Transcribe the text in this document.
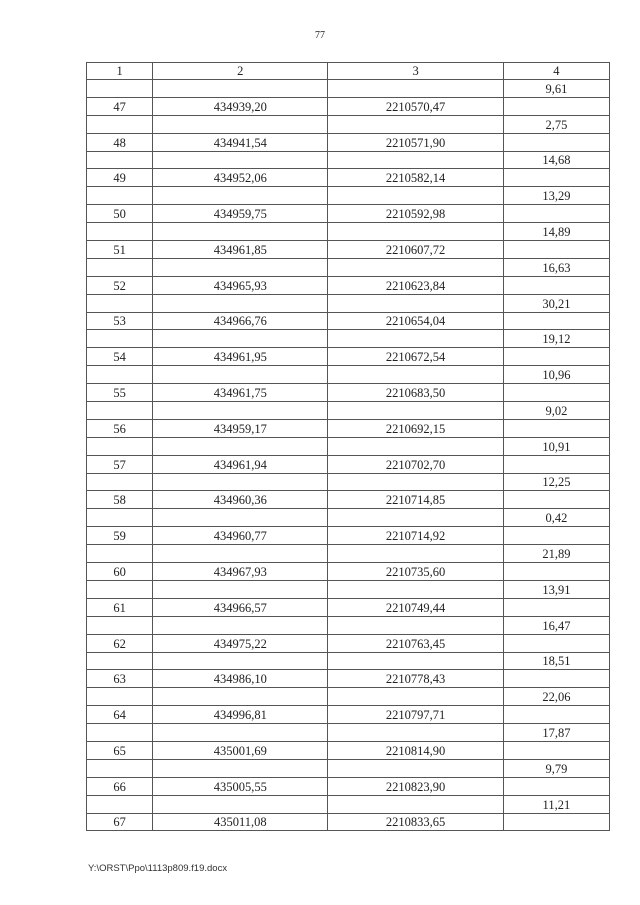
77
1	2	3	4
			9,61
47	434939,20	2210570,47	
			2,75
48	434941,54	2210571,90	
			14,68
49	434952,06	2210582,14	
			13,29
50	434959,75	2210592,98	
			14,89
51	434961,85	2210607,72	
			16,63
52	434965,93	2210623,84	
			30,21
53	434966,76	2210654,04	
			19,12
54	434961,95	2210672,54	
			10,96
55	434961,75	2210683,50	
			9,02
56	434959,17	2210692,15	
			10,91
57	434961,94	2210702,70	
			12,25
58	434960,36	2210714,85	
			0,42
59	434960,77	2210714,92	
			21,89
60	434967,93	2210735,60	
			13,91
61	434966,57	2210749,44	
			16,47
62	434975,22	2210763,45	
			18,51
63	434986,10	2210778,43	
			22,06
64	434996,81	2210797,71	
			17,87
65	435001,69	2210814,90	
			9,79
66	435005,55	2210823,90	
			11,21
67	435011,08	2210833,65	
Y:\ORST\Ppo\1113p809.f19.docx
